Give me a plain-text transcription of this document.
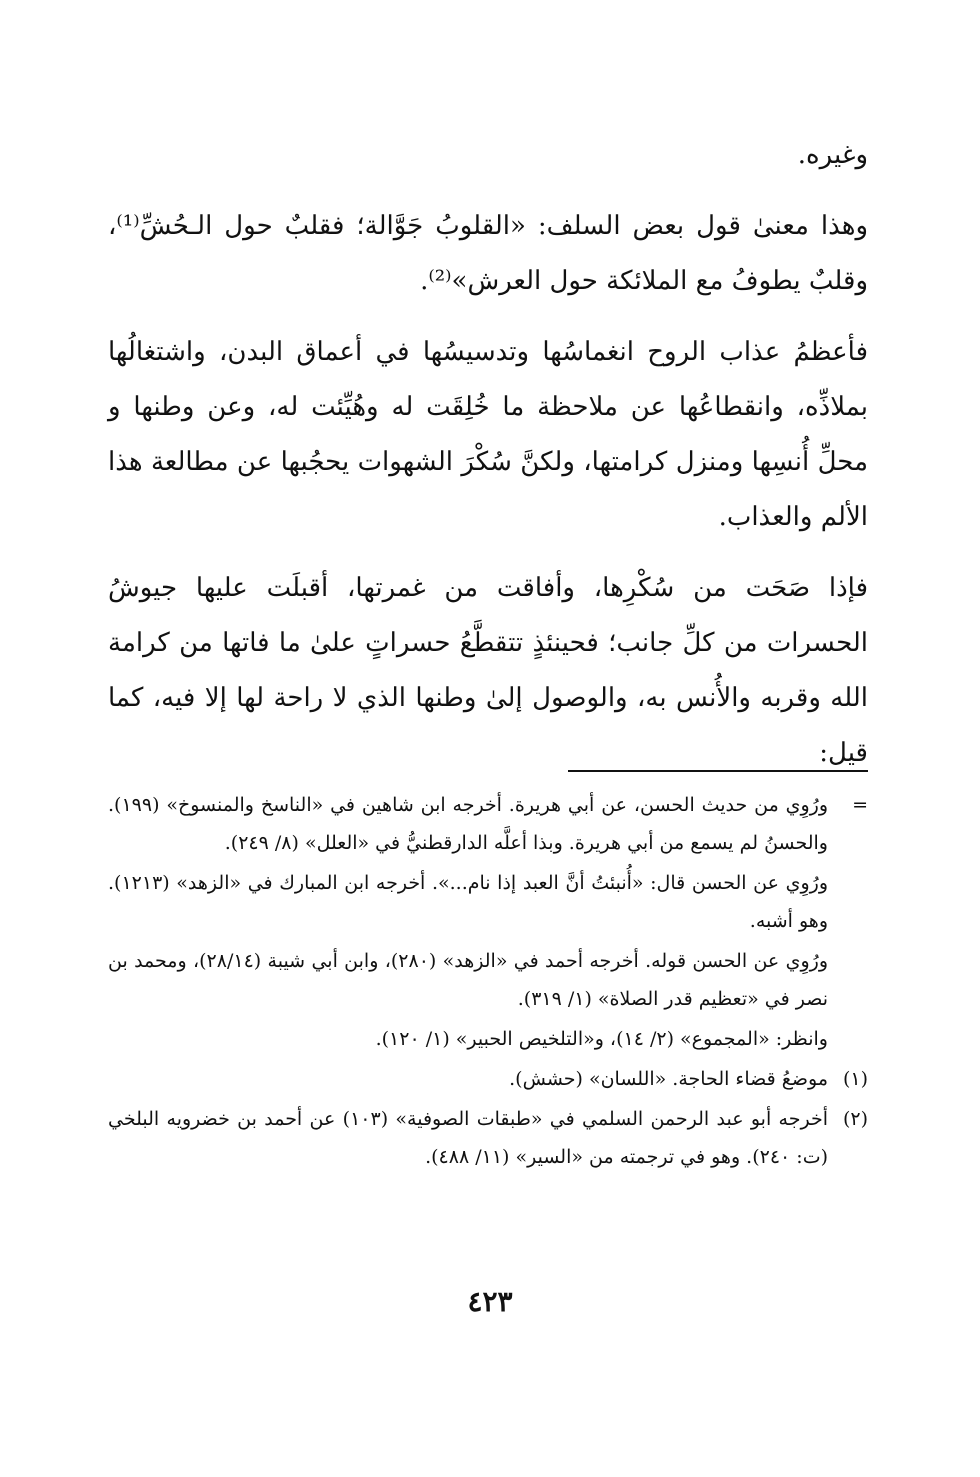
وغيره.

وهذا معنىٰ قول بعض السلف: «القلوبُ جَوَّالة؛ فقلبٌ حول الـحُشِّ⁽¹⁾، وقلبٌ يطوفُ مع الملائكة حول العرش»⁽²⁾.

فأعظمُ عذاب الروح انغماسُها وتدسيسُها في أعماق البدن، واشتغالُها بملاذِّه، وانقطاعُها عن ملاحظة ما خُلِقَت له وهُيِّئت له، وعن وطنها و محلِّ أُنسِها ومنزل كرامتها، ولكنَّ سُكْرَ الشهوات يحجُبها عن مطالعة هذا الألم والعذاب.

فإذا صَحَت من سُكْرِها، وأفاقت من غمرتها، أقبلَت عليها جيوشُ الحسرات من كلِّ جانب؛ فحينئذٍ تتقطَّعُ حسراتٍ علىٰ ما فاتها من كرامة الله وقربه والأُنس به، والوصول إلىٰ وطنها الذي لا راحة لها إلا فيه، كما قيل:

=
ورُوِي من حديث الحسن، عن أبي هريرة. أخرجه ابن شاهين في «الناسخ والمنسوخ» (١٩٩). والحسنُ لم يسمع من أبي هريرة. وبذا أعلَّه الدارقطنيُّ في «العلل» (٨/ ٢٤٩).
ورُوِي عن الحسن قال: «أُنبئتُ أنَّ العبد إذا نام...». أخرجه ابن المبارك في «الزهد» (١٢١٣). وهو أشبه.
ورُوِي عن الحسن قوله. أخرجه أحمد في «الزهد» (٢٨٠)، وابن أبي شيبة (٢٨/١٤)، ومحمد بن نصر في «تعظيم قدر الصلاة» (١/ ٣١٩).
وانظر: «المجموع» (٢/ ١٤)، و«التلخيص الحبير» (١/ ١٢٠).
(١)
موضعُ قضاء الحاجة. «اللسان» (حشش).
(٢)
أخرجه أبو عبد الرحمن السلمي في «طبقات الصوفية» (١٠٣) عن أحمد بن خضرويه البلخي (ت: ٢٤٠). وهو في ترجمته من «السير» (١١/ ٤٨٨).
٤٢٣
